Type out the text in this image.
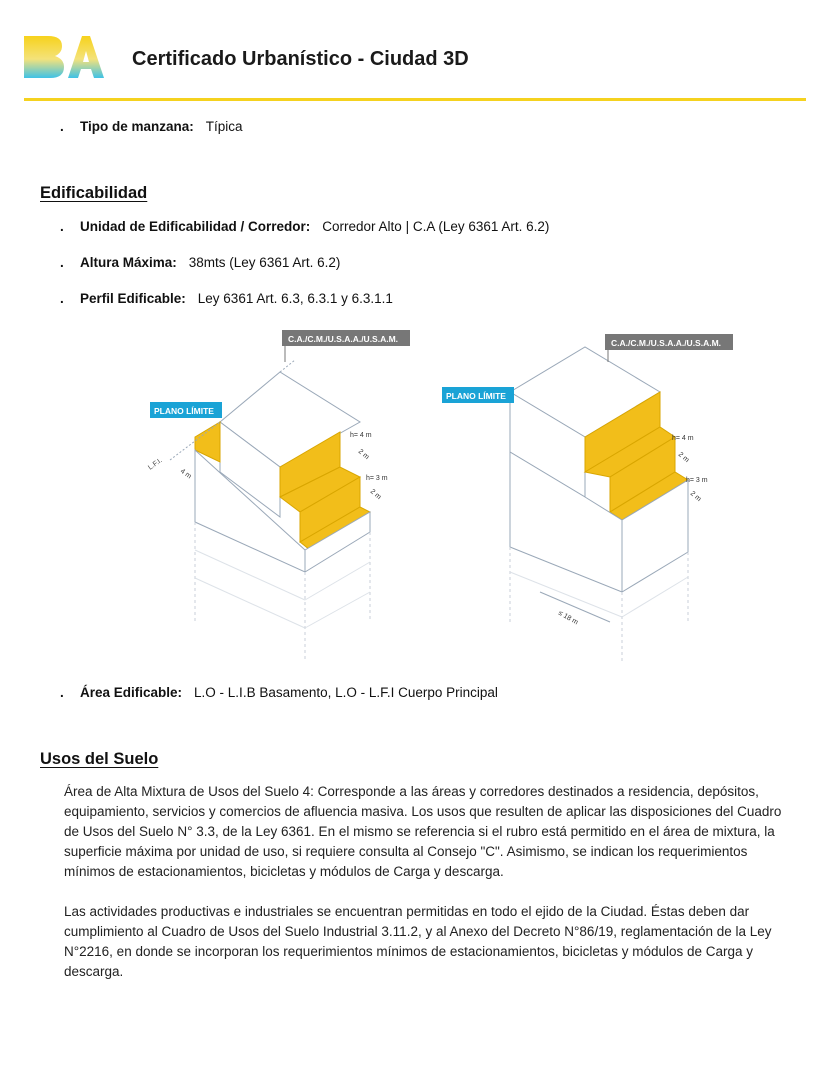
Certificado Urbanístico - Ciudad 3D
. Tipo de manzana: Típica
Edificabilidad
. Unidad de Edificabilidad / Corredor: Corredor Alto | C.A (Ley 6361 Art. 6.2)
. Altura Máxima: 38mts (Ley 6361 Art. 6.2)
. Perfil Edificable: Ley 6361 Art. 6.3, 6.3.1 y 6.3.1.1
C.A./C.M./U.S.A.A./U.S.A.M.
PLANO LÍMITE
L.F.I.
4 m
h= 4 m
2 m
h= 3 m
2 m
C.A./C.M./U.S.A.A./U.S.A.M.
PLANO LÍMITE
h= 4 m
2 m
h= 3 m
2 m
≤ 18 m
. Área Edificable: L.O - L.I.B Basamento, L.O - L.F.I Cuerpo Principal
Usos del Suelo
Área de Alta Mixtura de Usos del Suelo 4: Corresponde a las áreas y corredores destinados a residencia, depósitos, equipamiento, servicios y comercios de afluencia masiva. Los usos que resulten de aplicar las disposiciones del Cuadro de Usos del Suelo N° 3.3, de la Ley 6361. En el mismo se referencia si el rubro está permitido en el área de mixtura, la superficie máxima por unidad de uso, si requiere consulta al Consejo "C". Asimismo, se indican los requerimientos mínimos de estacionamientos, bicicletas y módulos de Carga y descarga.
Las actividades productivas e industriales se encuentran permitidas en todo el ejido de la Ciudad. Éstas deben dar cumplimiento al Cuadro de Usos del Suelo Industrial 3.11.2, y al Anexo del Decreto N°86/19, reglamentación de la Ley N°2216, en donde se incorporan los requerimientos mínimos de estacionamientos, bicicletas y módulos de Carga y descarga.
